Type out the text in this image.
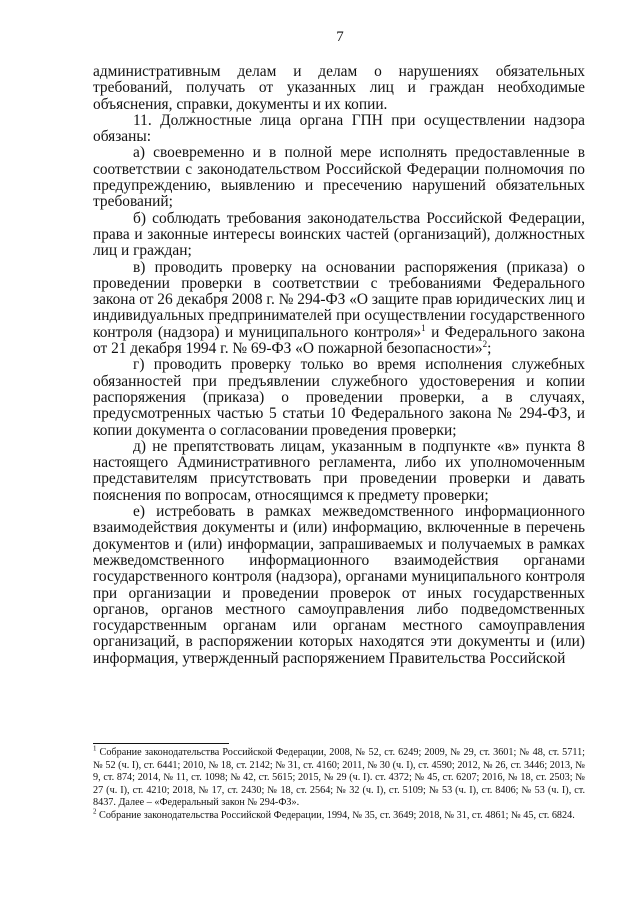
7

административным делам и делам о нарушениях обязательных требований, получать от указанных лиц и граждан необходимые объяснения, справки, документы и их копии.

11. Должностные лица органа ГПН при осуществлении надзора обязаны:

а) своевременно и в полной мере исполнять предоставленные в соответствии с законодательством Российской Федерации полномочия по предупреждению, выявлению и пресечению нарушений обязательных требований;

б) соблюдать требования законодательства Российской Федерации, права и законные интересы воинских частей (организаций), должностных лиц и граждан;

в) проводить проверку на основании распоряжения (приказа) о проведении проверки в соответствии с требованиями Федерального закона от 26 декабря 2008 г. № 294-ФЗ «О защите прав юридических лиц и индивидуальных предпринимателей при осуществлении государственного контроля (надзора) и муниципального контроля»$^1$ и Федерального закона от 21 декабря 1994 г. № 69-ФЗ «О пожарной безопасности»$^2$;

г) проводить проверку только во время исполнения служебных обязанностей при предъявлении служебного удостоверения и копии распоряжения (приказа) о проведении проверки, а в случаях, предусмотренных частью 5 статьи 10 Федерального закона № 294-ФЗ, и копии документа о согласовании проведения проверки;

д) не препятствовать лицам, указанным в подпункте «в» пункта 8 настоящего Административного регламента, либо их уполномоченным представителям присутствовать при проведении проверки и давать пояснения по вопросам, относящимся к предмету проверки;

е) истребовать в рамках межведомственного информационного взаимодействия документы и (или) информацию, включенные в перечень документов и (или) информации, запрашиваемых и получаемых в рамках межведомственного информационного взаимодействия органами государственного контроля (надзора), органами муниципального контроля при организации и проведении проверок от иных государственных органов, органов местного самоуправления либо подведомственных государственным органам или органам местного самоуправления организаций, в распоряжении которых находятся эти документы и (или) информация, утвержденный распоряжением Правительства Российской

$^1$ Собрание законодательства Российской Федерации, 2008, № 52, ст. 6249; 2009, № 29, ст. 3601; № 48, ст. 5711; № 52 (ч. I), ст. 6441; 2010, № 18, ст. 2142; № 31, ст. 4160; 2011, № 30 (ч. I), ст. 4590; 2012, № 26, ст. 3446; 2013, № 9, ст. 874; 2014, № 11, ст. 1098; № 42, ст. 5615; 2015, № 29 (ч. I). ст. 4372; № 45, ст. 6207; 2016, № 18, ст. 2503; № 27 (ч. I), ст. 4210; 2018, № 17, ст. 2430; № 18, ст. 2564; № 32 (ч. I), ст. 5109; № 53 (ч. I), ст. 8406; № 53 (ч. I), ст. 8437. Далее – «Федеральный закон № 294-ФЗ».

$^2$ Собрание законодательства Российской Федерации, 1994, № 35, ст. 3649; 2018, № 31, ст. 4861; № 45, ст. 6824.
